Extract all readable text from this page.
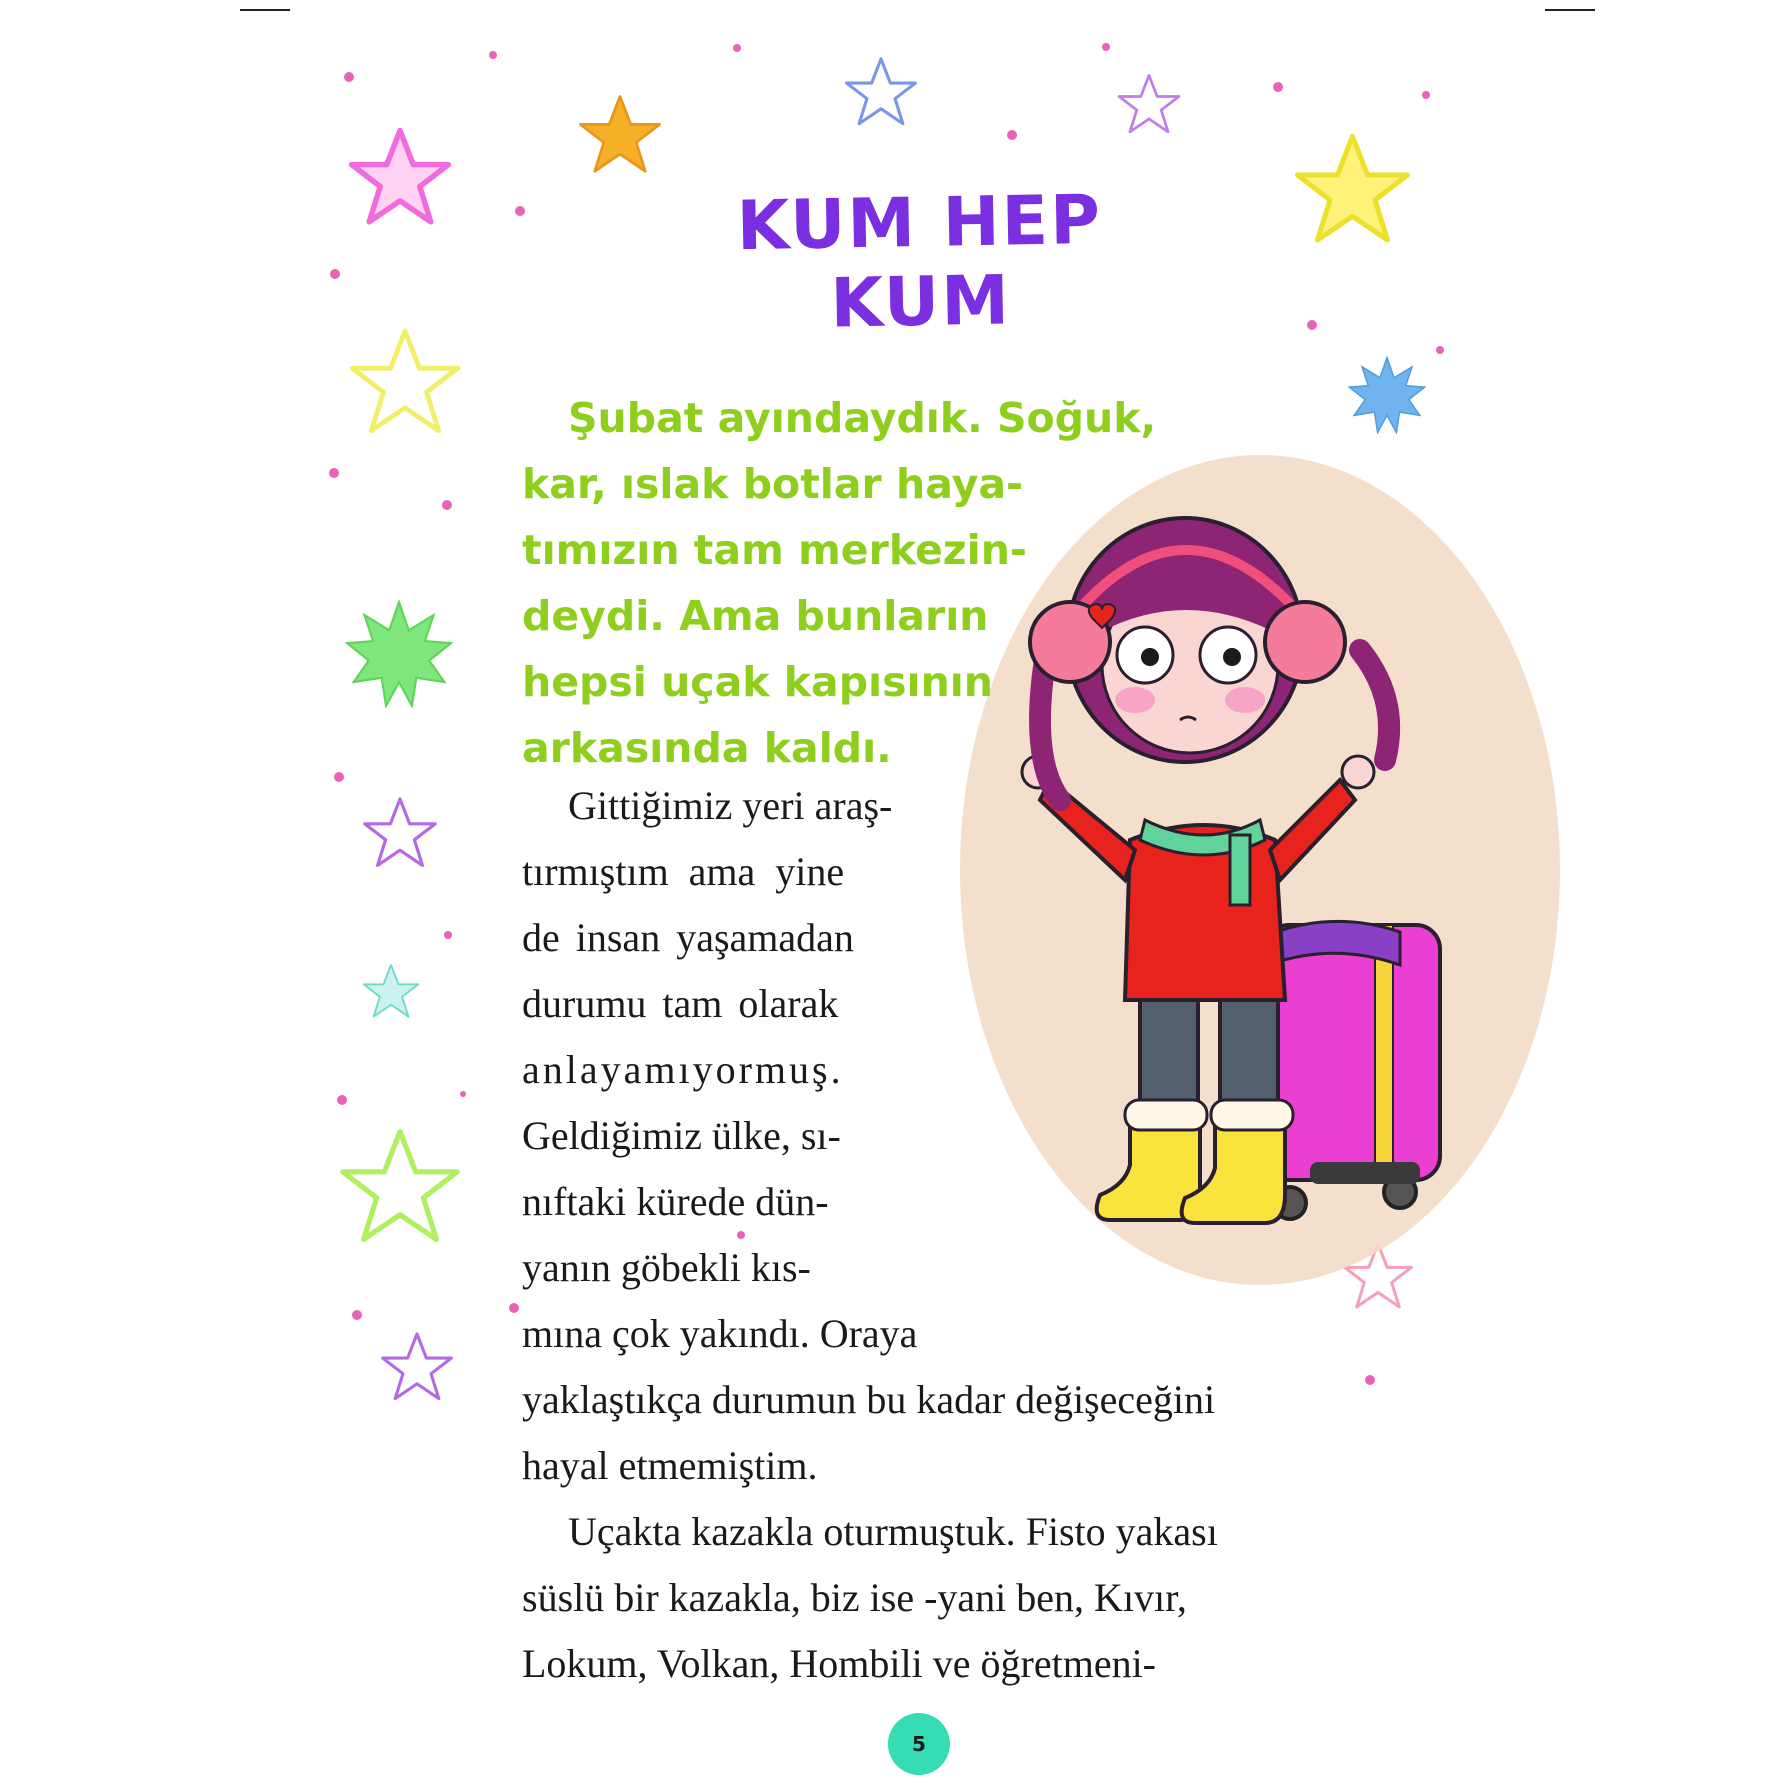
KUM HEP KUM
Şubat ayındaydık. Soğuk,
kar, ıslak botlar haya-
tımızın tam merkezin-
deydi. Ama bunların
hepsi uçak kapısının
arkasında kaldı.
Gittiğimiz yeri araş-
tırmıştım ama yine
de insan yaşamadan
durumu tam olarak
anlayamıyormuş.
Geldiğimiz ülke, sı-
nıftaki kürede dün-
yanın göbekli kıs-
mına çok yakındı. Oraya
yaklaştıkça durumun bu kadar değişeceğini
hayal etmemiştim.
Uçakta kazakla oturmuştuk. Fisto yakası
süslü bir kazakla, biz ise -yani ben, Kıvır,
Lokum, Volkan, Hombili ve öğretmeni-
5
